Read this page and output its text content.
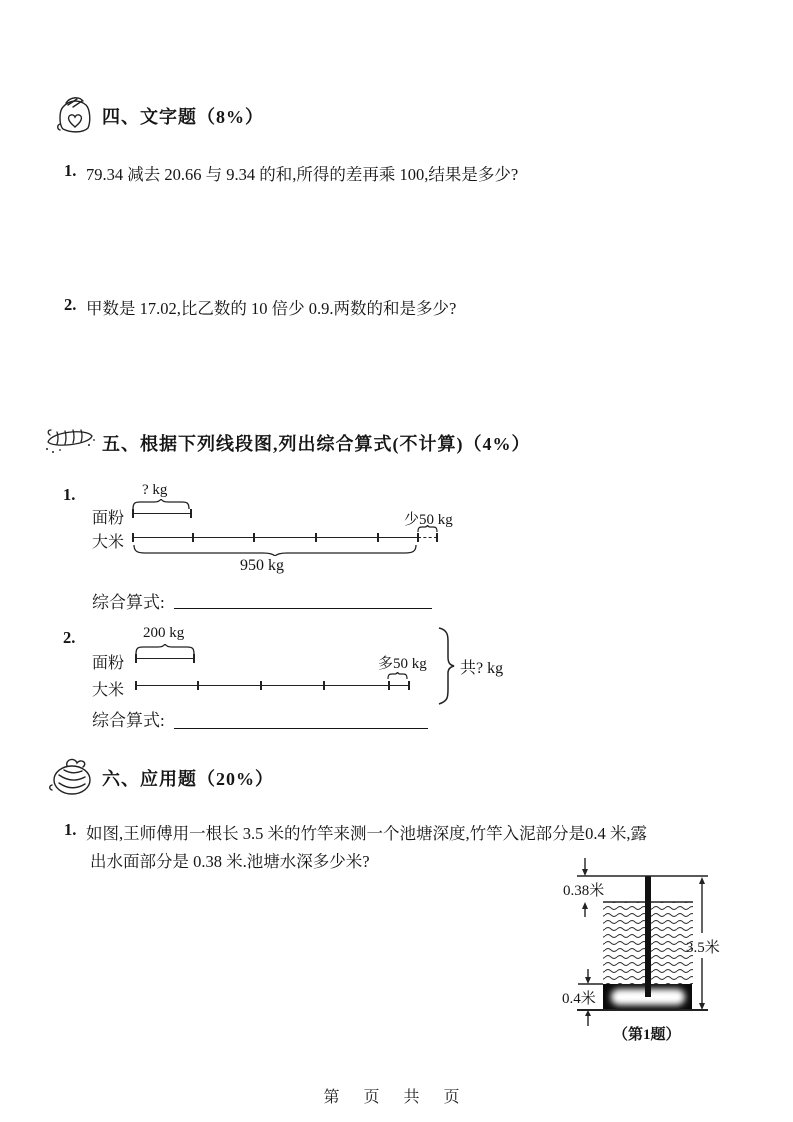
四、文字题（8%）
1. 79.34 减去 20.66 与 9.34 的和,所得的差再乘 100,结果是多少?
2. 甲数是 17.02,比乙数的 10 倍少 0.9.两数的和是多少?
五、根据下列线段图,列出综合算式(不计算)（4%）
1.	? kg
面粉	少50 kg
大米
950 kg
综合算式:
2.	200 kg
面粉	多50 kg
大米
共? kg
综合算式:
六、应用题（20%）
1. 如图,王师傅用一根长 3.5 米的竹竿来测一个池塘深度,竹竿入泥部分是0.4 米,露
出水面部分是 0.38 米.池塘水深多少米?
0.38米
0.4米
3.5米
（第1题）
第 页 共 页
